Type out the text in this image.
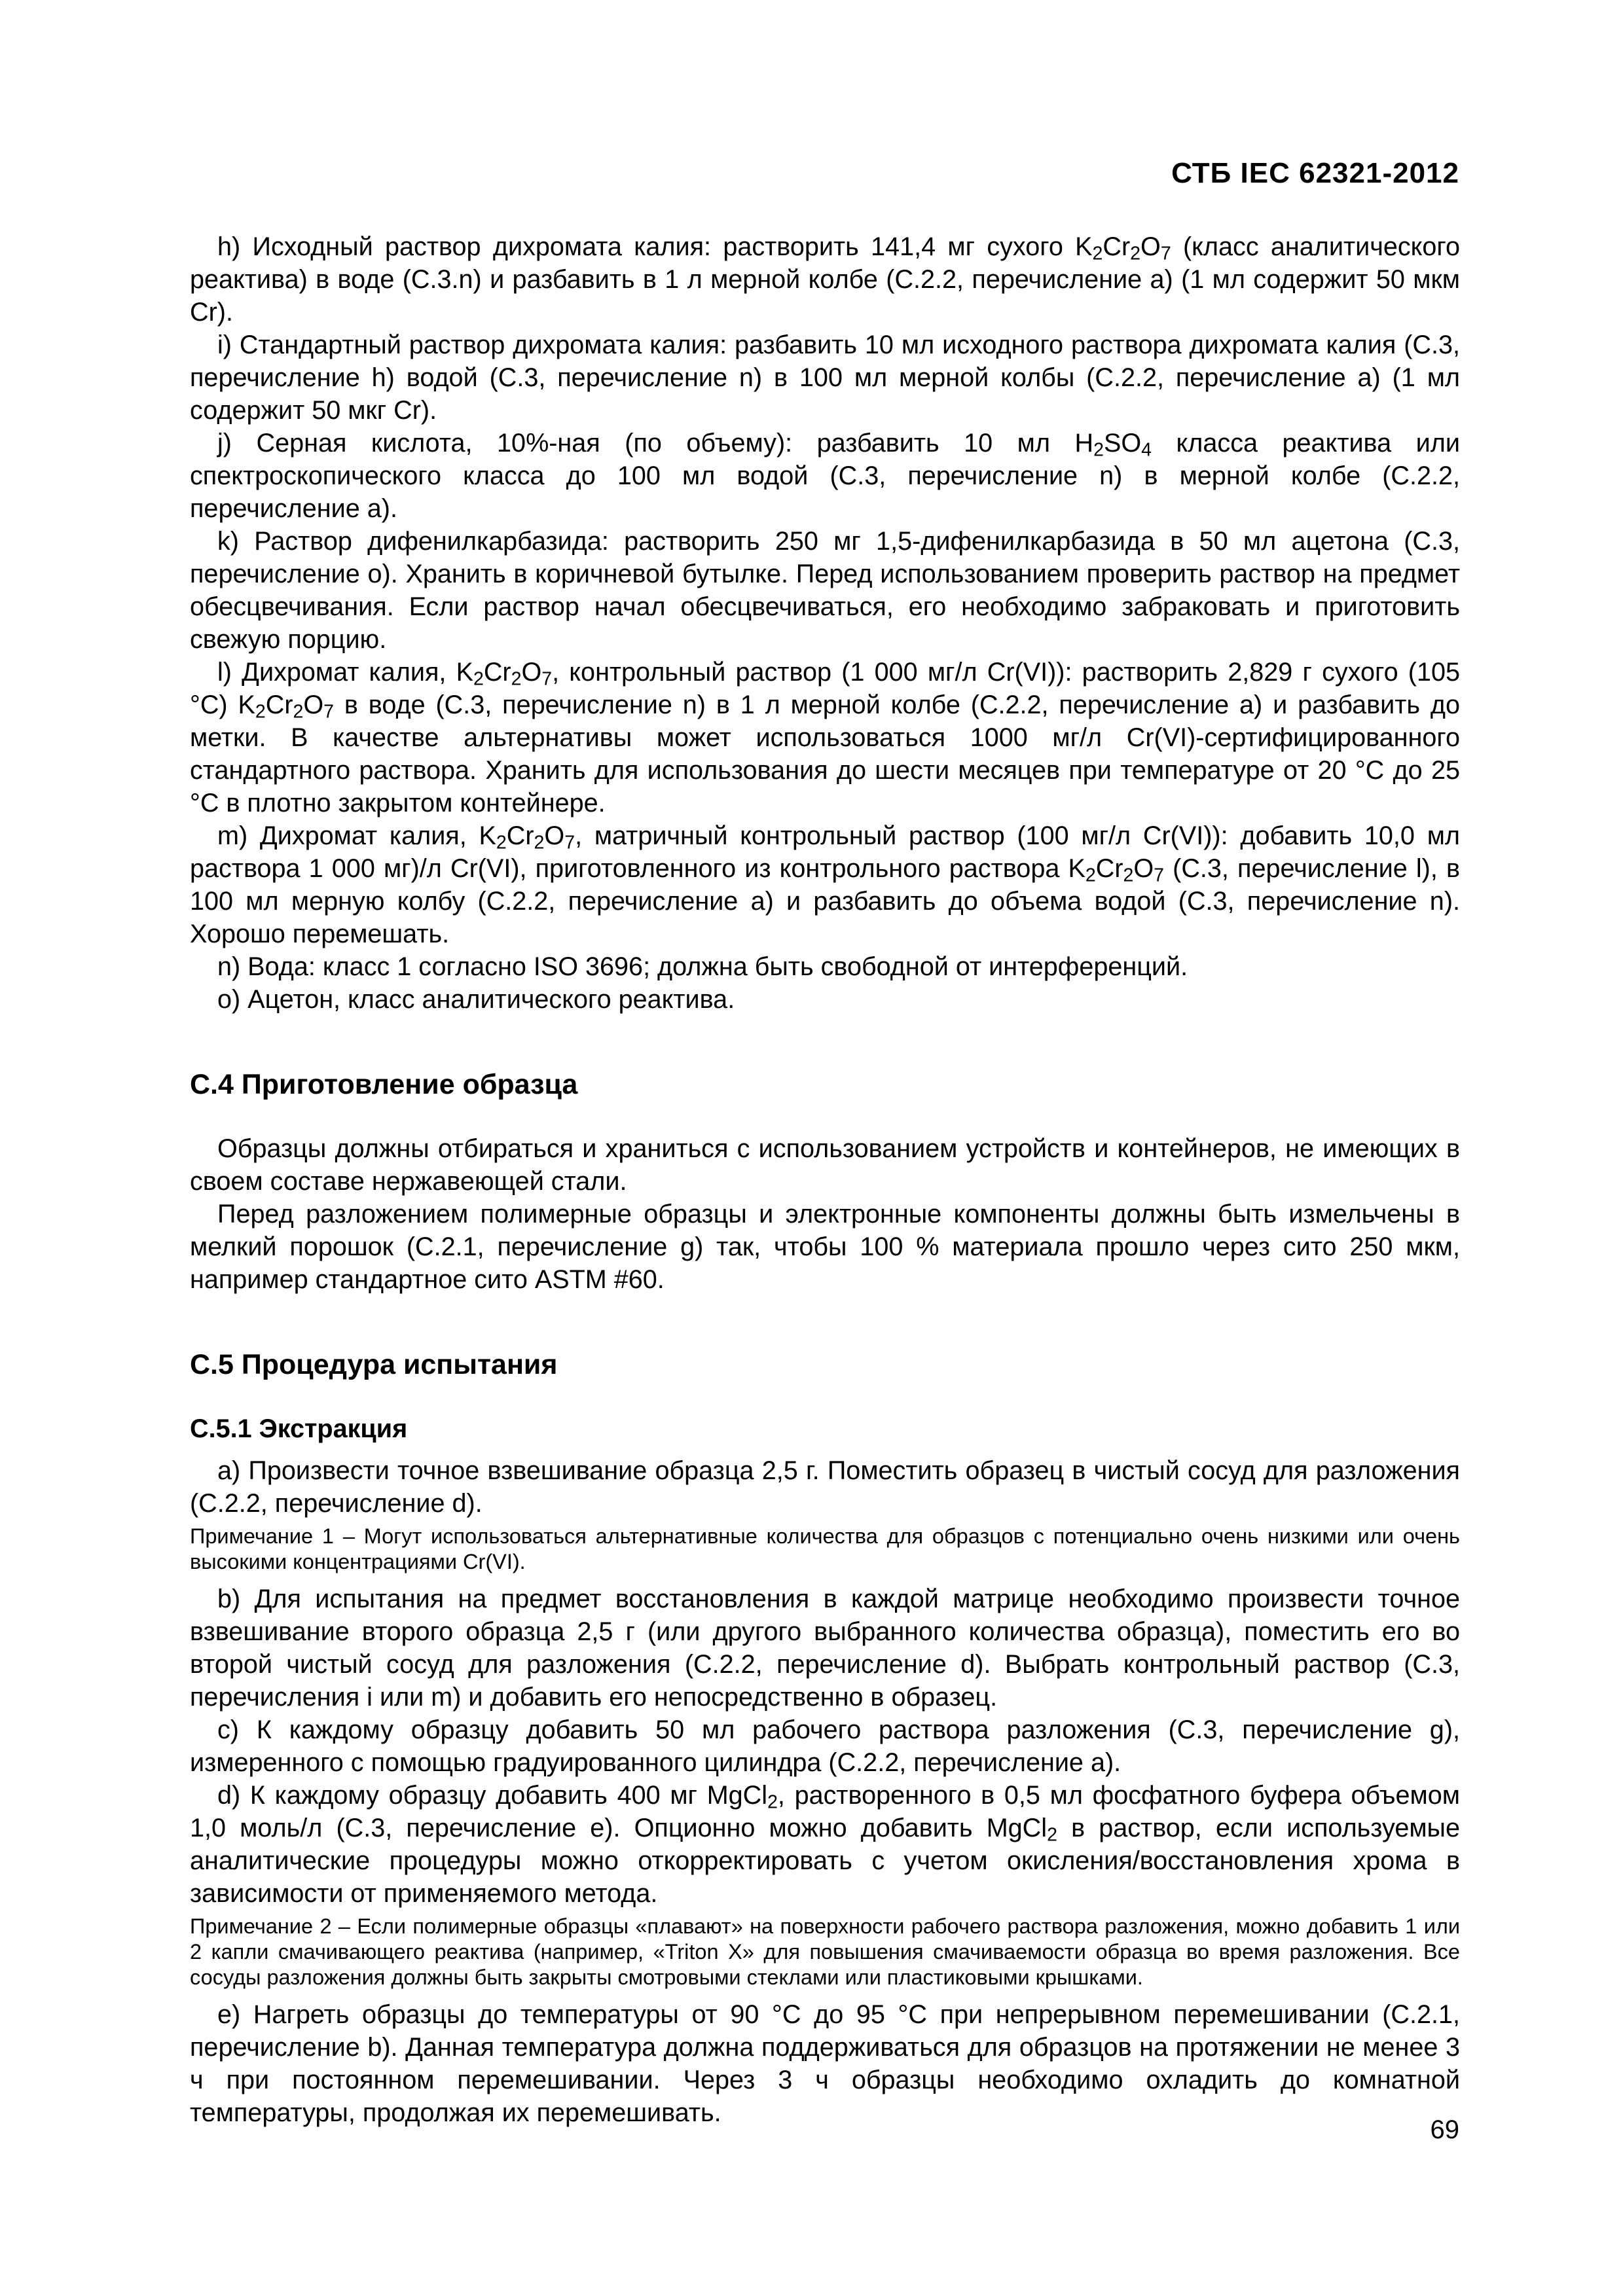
СТБ IEC 62321-2012

h) Исходный раствор дихромата калия: растворить 141,4 мг сухого $K_2Cr_2O_7$ (класс аналитического реактива) в воде (С.3.n) и разбавить в 1 л мерной колбе (С.2.2, перечисление а) (1 мл содержит 50 мкм Cr).

i) Стандартный раствор дихромата калия: разбавить 10 мл исходного раствора дихромата калия (С.3, перечисление h) водой (С.3, перечисление n) в 100 мл мерной колбы (С.2.2, перечисление а) (1 мл содержит 50 мкг Cr).

j) Серная кислота, 10%-ная (по объему): разбавить 10 мл $H_2SO_4$ класса реактива или спектроскопического класса до 100 мл водой (С.3, перечисление n) в мерной колбе (С.2.2, перечисление а).

k) Раствор дифенилкарбазида: растворить 250 мг 1,5-дифенилкарбазида в 50 мл ацетона (С.3, перечисление о). Хранить в коричневой бутылке. Перед использованием проверить раствор на предмет обесцвечивания. Если раствор начал обесцвечиваться, его необходимо забраковать и приготовить свежую порцию.

l) Дихромат калия, $K_2Cr_2O_7$, контрольный раствор (1 000 мг/л Cr(VI)): растворить 2,829 г сухого (105 °С) $K_2Cr_2O_7$ в воде (С.3, перечисление n) в 1 л мерной колбе (С.2.2, перечисление а) и разбавить до метки. В качестве альтернативы может использоваться 1000 мг/л Cr(VI)-сертифицированного стандартного раствора. Хранить для использования до шести месяцев при температуре от 20 °С до 25 °С в плотно закрытом контейнере.

m) Дихромат калия, $K_2Cr_2O_7$, матричный контрольный раствор (100 мг/л Cr(VI)): добавить 10,0 мл раствора 1 000 мг)/л Cr(VI), приготовленного из контрольного раствора $K_2Cr_2O_7$ (С.3, перечисление l), в 100 мл мерную колбу (С.2.2, перечисление а) и разбавить до объема водой (С.3, перечисление n). Хорошо перемешать.

n) Вода: класс 1 согласно ISO 3696; должна быть свободной от интерференций.

o) Ацетон, класс аналитического реактива.

С.4 Приготовление образца

Образцы должны отбираться и храниться с использованием устройств и контейнеров, не имеющих в своем составе нержавеющей стали.

Перед разложением полимерные образцы и электронные компоненты должны быть измельчены в мелкий порошок (С.2.1, перечисление g) так, чтобы 100 % материала прошло через сито 250 мкм, например стандартное сито ASTM #60.

С.5 Процедура испытания
С.5.1 Экстракция

а) Произвести точное взвешивание образца 2,5 г. Поместить образец в чистый сосуд для разложения (С.2.2, перечисление d).

Примечание 1 – Могут использоваться альтернативные количества для образцов с потенциально очень низкими или очень высокими концентрациями Cr(VI).

b) Для испытания на предмет восстановления в каждой матрице необходимо произвести точное взвешивание второго образца 2,5 г (или другого выбранного количества образца), поместить его во второй чистый сосуд для разложения (С.2.2, перечисление d). Выбрать контрольный раствор (С.3, перечисления i или m) и добавить его непосредственно в образец.

с) К каждому образцу добавить 50 мл рабочего раствора разложения (С.3, перечисление g), измеренного с помощью градуированного цилиндра (С.2.2, перечисление а).

d) К каждому образцу добавить 400 мг MgCl$_2$, растворенного в 0,5 мл фосфатного буфера объемом 1,0 моль/л (С.3, перечисление е). Опционно можно добавить MgCl$_2$ в раствор, если используемые аналитические процедуры можно откорректировать с учетом окисления/восстановления хрома в зависимости от применяемого метода.

Примечание 2 – Если полимерные образцы «плавают» на поверхности рабочего раствора разложения, можно добавить 1 или 2 капли смачивающего реактива (например, «Triton X» для повышения смачиваемости образца во время разложения. Все сосуды разложения должны быть закрыты смотровыми стеклами или пластиковыми крышками.

е) Нагреть образцы до температуры от 90 °С до 95 °С при непрерывном перемешивании (С.2.1, перечисление b). Данная температура должна поддерживаться для образцов на протяжении не менее 3 ч при постоянном перемешивании. Через 3 ч образцы необходимо охладить до комнатной температуры, продолжая их перемешивать.

69
